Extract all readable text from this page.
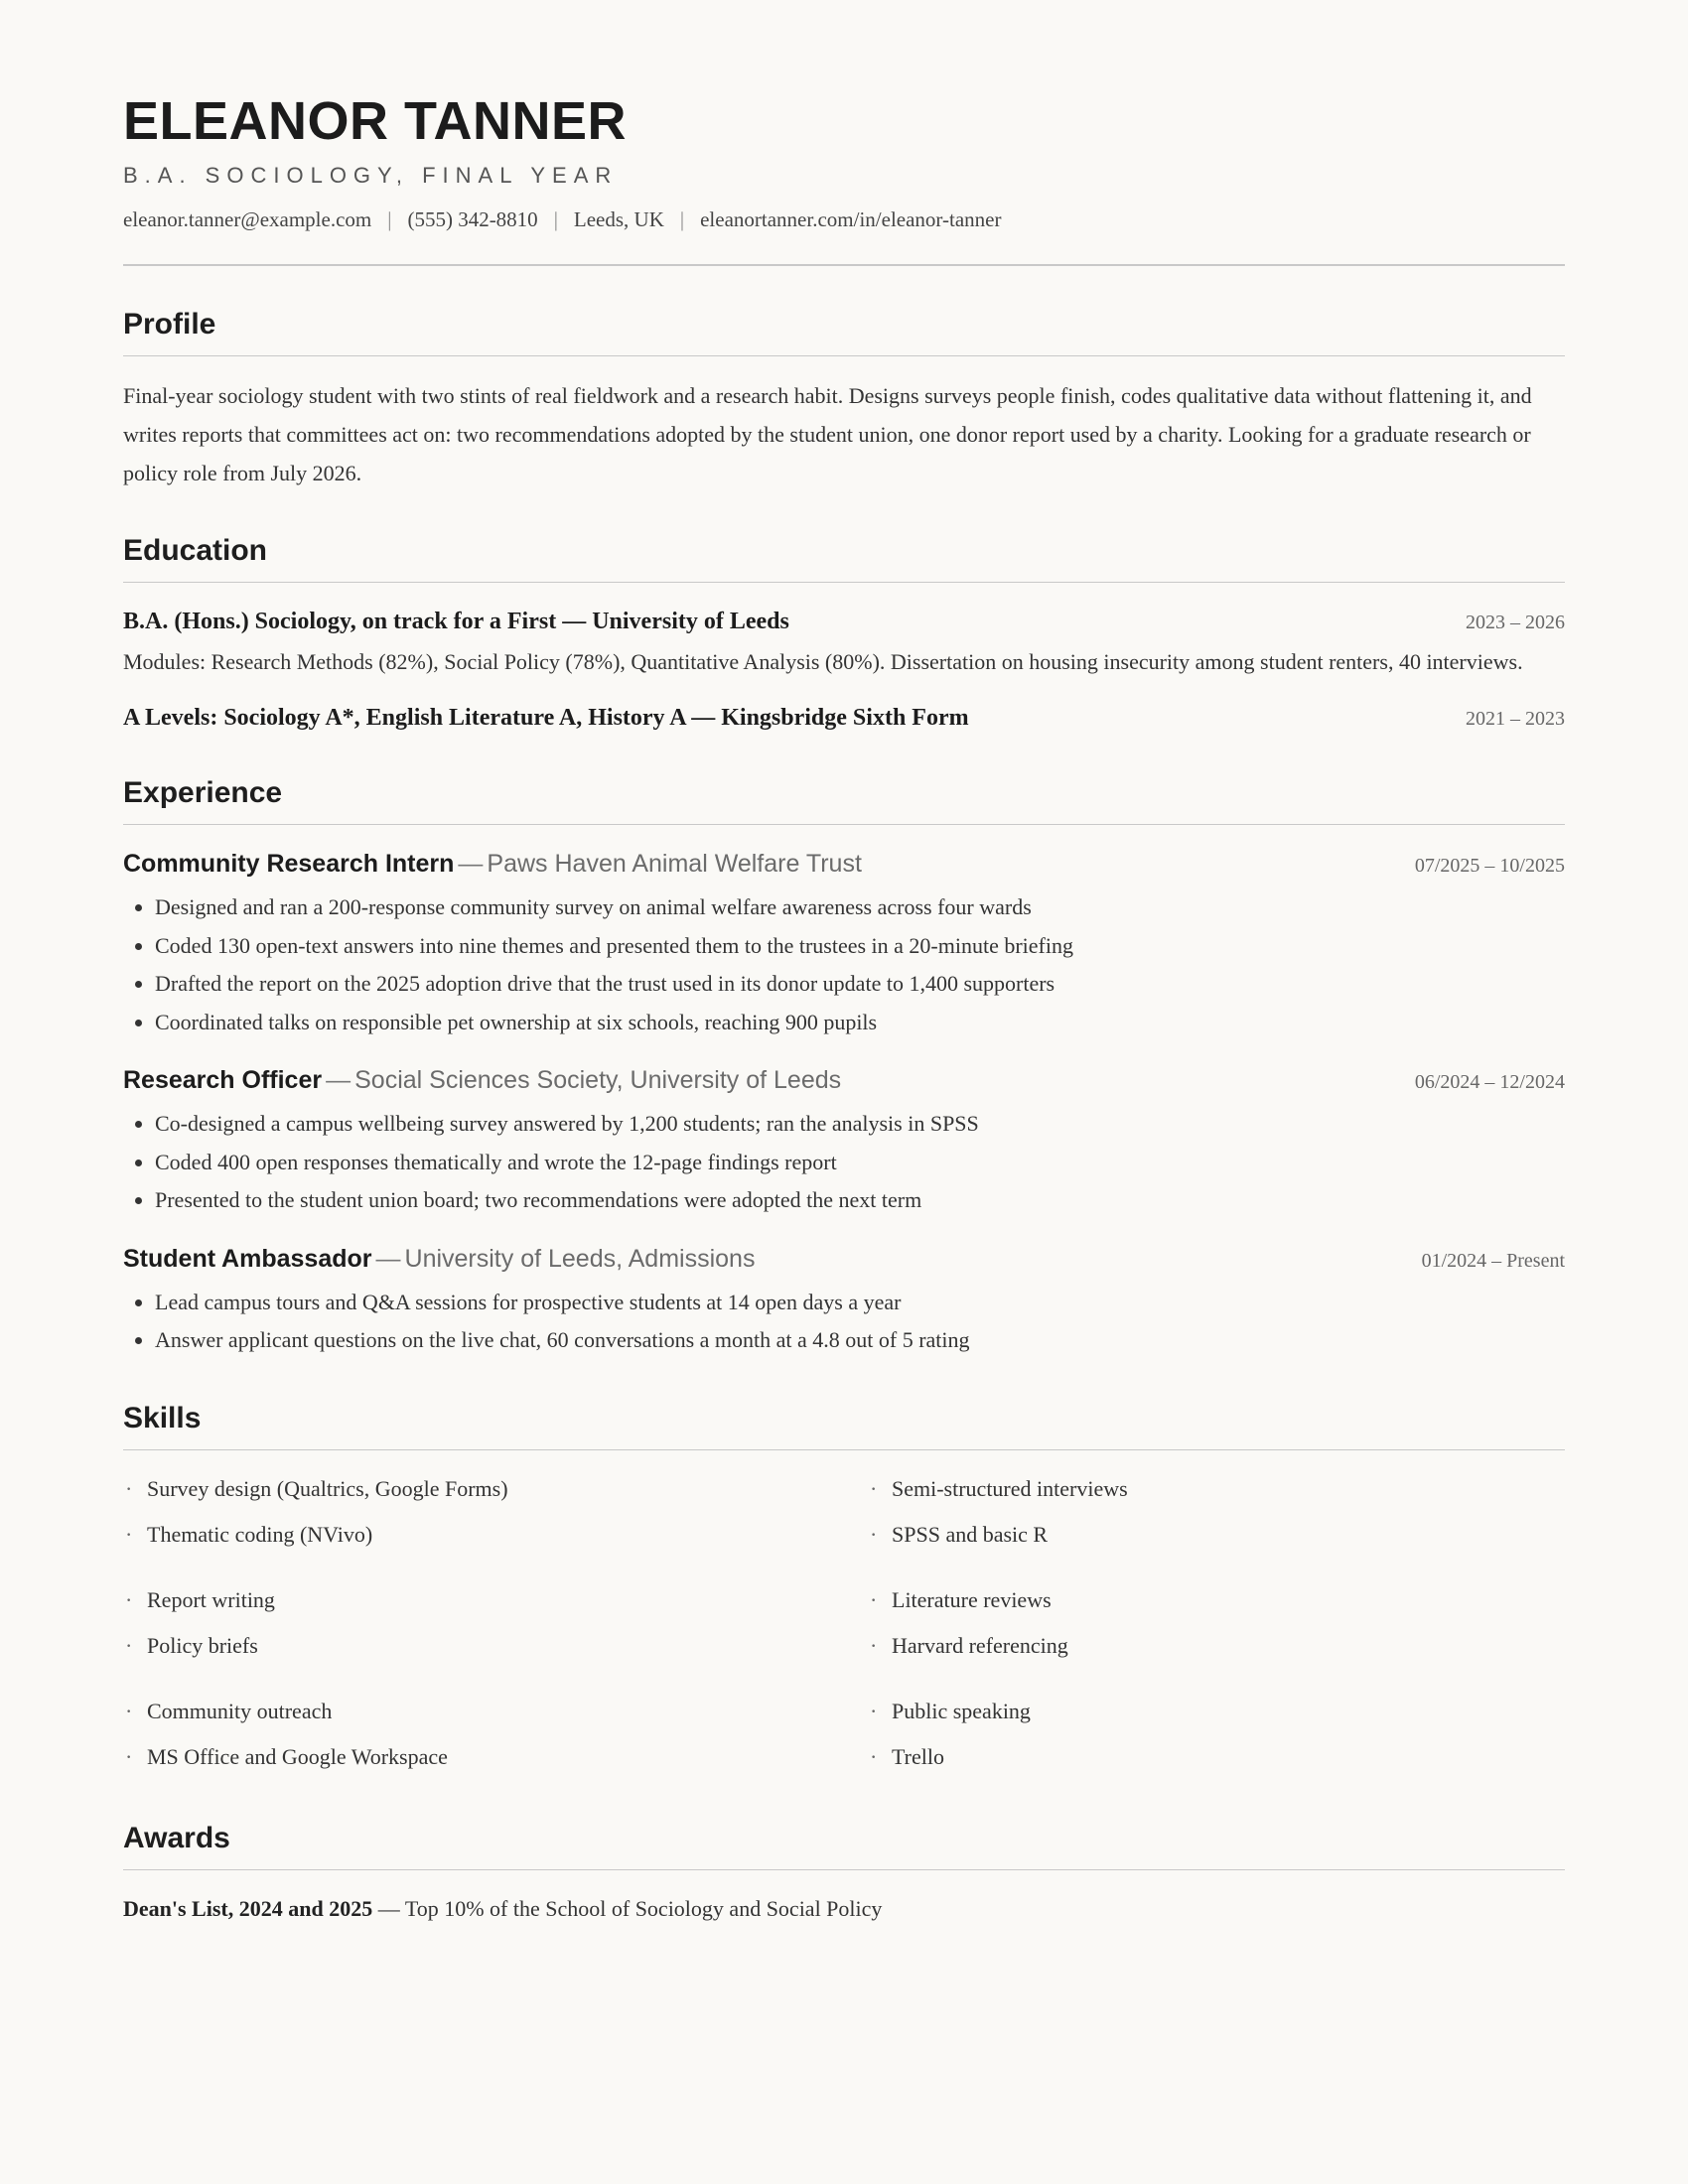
ELEANOR TANNER
B.A. SOCIOLOGY, FINAL YEAR
eleanor.tanner@example.com | (555) 342-8810 | Leeds, UK | eleanortanner.com/in/eleanor-tanner
Profile

Final-year sociology student with two stints of real fieldwork and a research habit. Designs surveys people finish, codes qualitative data without flattening it, and writes reports that committees act on: two recommendations adopted by the student union, one donor report used by a charity. Looking for a graduate research or policy role from July 2026.

Education
B.A. (Hons.) Sociology, on track for a First — University of Leeds	2023 – 2026

Modules: Research Methods (82%), Social Policy (78%), Quantitative Analysis (80%). Dissertation on housing insecurity among student renters, 40 interviews.

A Levels: Sociology A*, English Literature A, History A — Kingsbridge Sixth Form	2021 – 2023
Experience
Community Research Intern — Paws Haven Animal Welfare Trust	07/2025 – 10/2025
• Designed and ran a 200-response community survey on animal welfare awareness across four wards
• Coded 130 open-text answers into nine themes and presented them to the trustees in a 20-minute briefing
• Drafted the report on the 2025 adoption drive that the trust used in its donor update to 1,400 supporters
• Coordinated talks on responsible pet ownership at six schools, reaching 900 pupils
Research Officer — Social Sciences Society, University of Leeds	06/2024 – 12/2024
• Co-designed a campus wellbeing survey answered by 1,200 students; ran the analysis in SPSS
• Coded 400 open responses thematically and wrote the 12-page findings report
• Presented to the student union board; two recommendations were adopted the next term
Student Ambassador — University of Leeds, Admissions	01/2024 – Present
• Lead campus tours and Q&A sessions for prospective students at 14 open days a year
• Answer applicant questions on the live chat, 60 conversations a month at a 4.8 out of 5 rating
Skills
· Survey design (Qualtrics, Google Forms)
· Thematic coding (NVivo)
· Semi-structured interviews
· SPSS and basic R
· Report writing
· Policy briefs
· Literature reviews
· Harvard referencing
· Community outreach
· MS Office and Google Workspace
· Public speaking
· Trello
Awards

Dean's List, 2024 and 2025 — Top 10% of the School of Sociology and Social Policy
